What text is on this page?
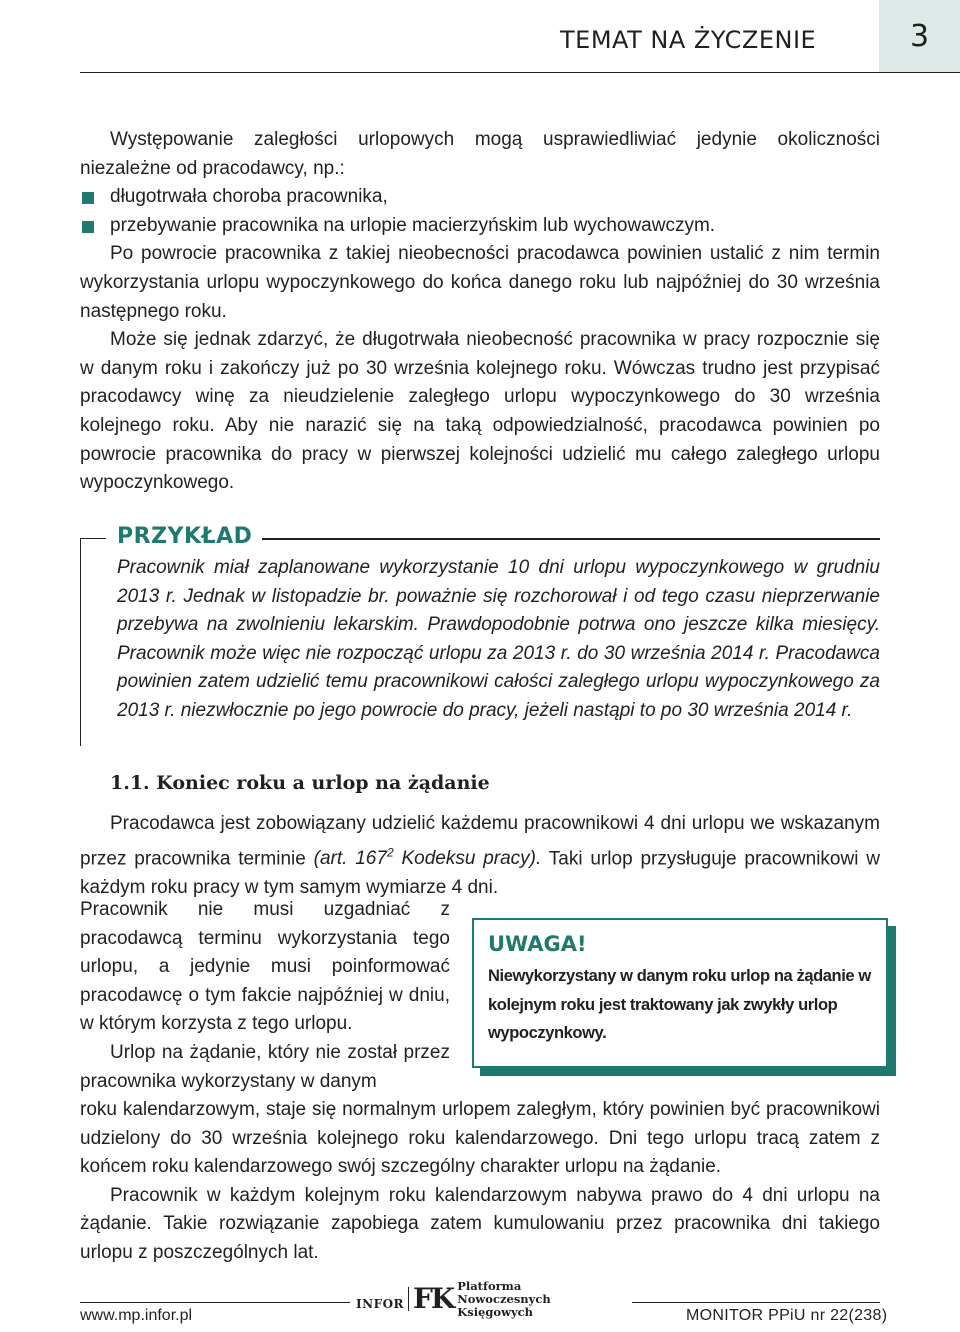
TEMAT NA ŻYCZENIE	3

Występowanie zaległości urlopowych mogą usprawiedliwiać jedynie okoliczności niezależne od pracodawcy, np.:

długotrwała choroba pracownika,
przebywanie pracownika na urlopie macierzyńskim lub wychowawczym.

Po powrocie pracownika z takiej nieobecności pracodawca powinien ustalić z nim termin wykorzystania urlopu wypoczynkowego do końca danego roku lub najpóźniej do 30 września następnego roku.

Może się jednak zdarzyć, że długotrwała nieobecność pracownika w pracy rozpocznie się w danym roku i zakończy już po 30 września kolejnego roku. Wówczas trudno jest przypisać pracodawcy winę za nieudzielenie zaległego urlopu wypoczynkowego do 30 września kolejnego roku. Aby nie narazić się na taką odpowiedzialność, pracodawca powinien po powrocie pracownika do pracy w pierwszej kolejności udzielić mu całego zaległego urlopu wypoczynkowego.

PRZYKŁAD

Pracownik miał zaplanowane wykorzystanie 10 dni urlopu wypoczynkowego w grudniu 2013 r. Jednak w listopadzie br. poważnie się rozchorował i od tego czasu nieprzerwanie przebywa na zwolnieniu lekarskim. Prawdopodobnie potrwa ono jeszcze kilka miesięcy. Pracownik może więc nie rozpocząć urlopu za 2013 r. do 30 września 2014 r. Pracodawca powinien zatem udzielić temu pracownikowi całości zaległego urlopu wypoczynkowego za 2013 r. niezwłocznie po jego powrocie do pracy, jeżeli nastąpi to po 30 września 2014 r.

1.1. Koniec roku a urlop na żądanie

Pracodawca jest zobowiązany udzielić każdemu pracownikowi 4 dni urlopu we wskazanym przez pracownika terminie (art. $167^2$ Kodeksu pracy). Taki urlop przysługuje pracownikowi w każdym roku pracy w tym samym wymiarze 4 dni.

Pracownik nie musi uzgadniać z pracodawcą terminu wykorzystania tego urlopu, a jedynie musi poinformować pracodawcę o tym fakcie najpóźniej w dniu, w którym korzysta z tego urlopu.

Urlop na żądanie, który nie został przez pracownika wykorzystany w danym

roku kalendarzowym, staje się normalnym urlopem zaległym, który powinien być pracownikowi udzielony do 30 września kolejnego roku kalendarzowego. Dni tego urlopu tracą zatem z końcem roku kalendarzowego swój szczególny charakter urlopu na żądanie.

Pracownik w każdym kolejnym roku kalendarzowym nabywa prawo do 4 dni urlopu na żądanie. Takie rozwiązanie zapobiega zatem kumulowaniu przez pracownika dni takiego urlopu z poszczególnych lat.

UWAGA!
Niewykorzystany w danym roku urlop na żądanie w kolejnym roku jest traktowany jak zwykły urlop wypoczynkowy.
www.mp.infor.pl
INFOR FK Platforma
Nowoczesnych Księgowych	MONITOR PPiU nr 22(238)
